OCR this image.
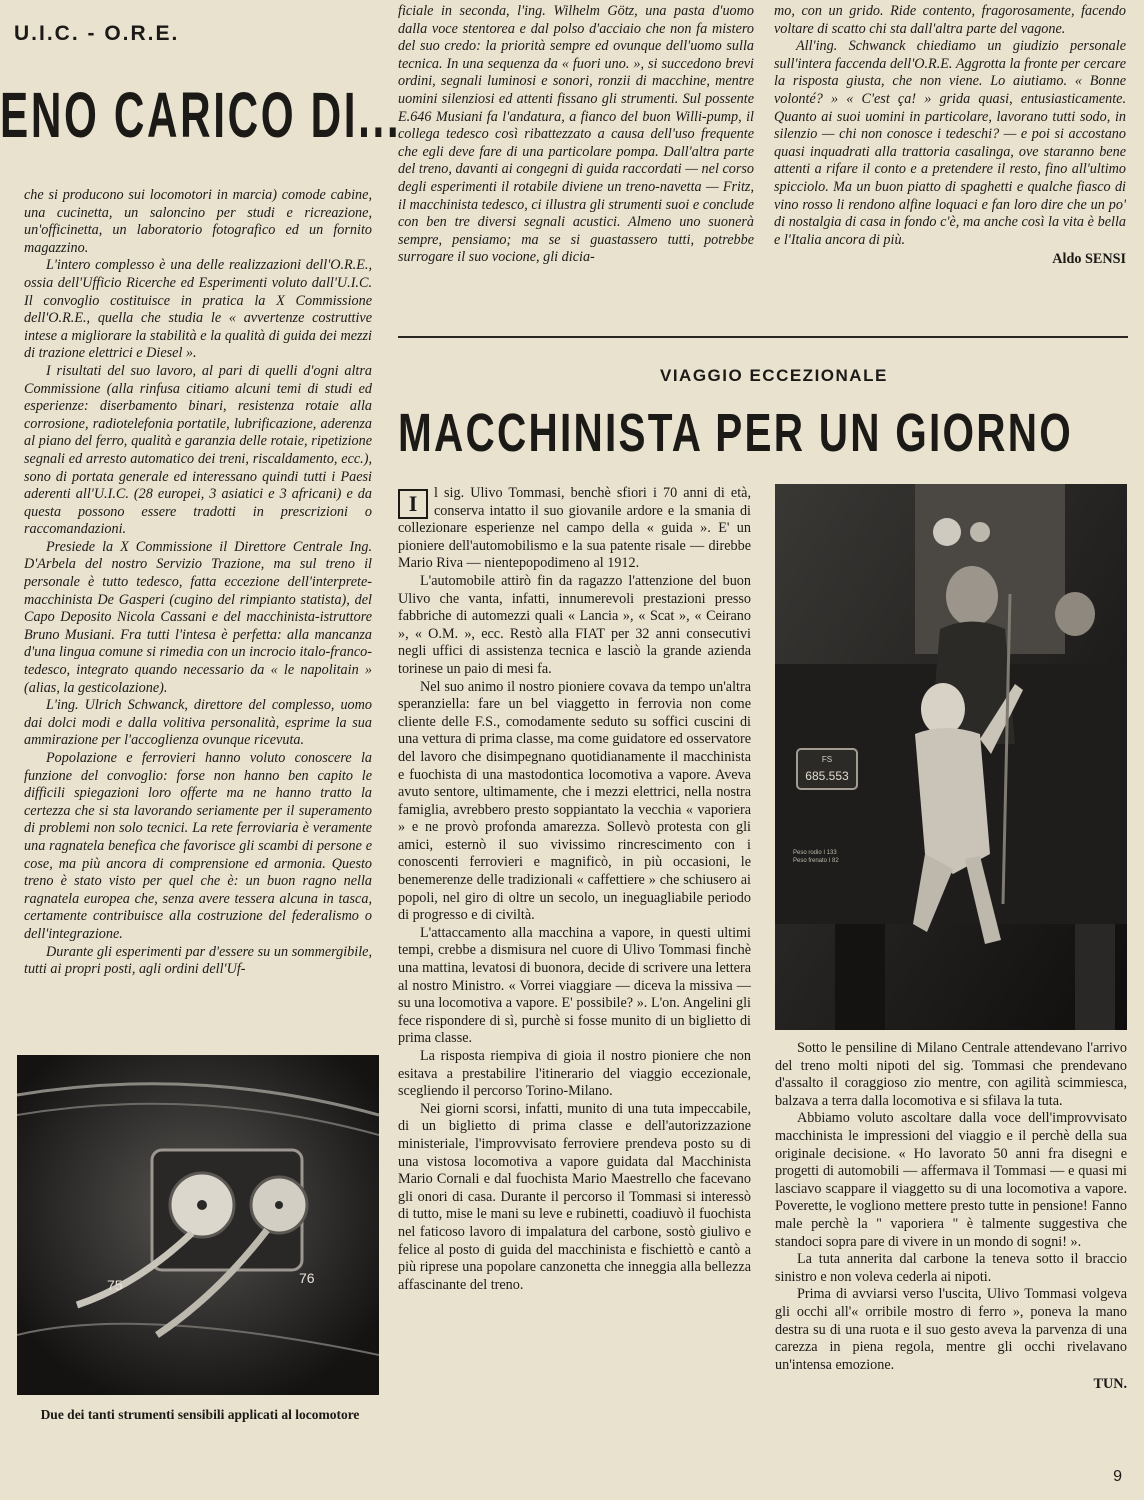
U.I.C. - O.R.E.
ENO CARICO DI...

che si producono sui locomotori in marcia) comode cabine, una cucinetta, un saloncino per studi e ricreazione, un'officinetta, un laboratorio fotografico ed un fornito magazzino.

L'intero complesso è una delle realizzazioni dell'O.R.E., ossia dell'Ufficio Ricerche ed Esperimenti voluto dall'U.I.C. Il convoglio costituisce in pratica la X Commissione dell'O.R.E., quella che studia le « avvertenze costruttive intese a migliorare la stabilità e la qualità di guida dei mezzi di trazione elettrici e Diesel ».

I risultati del suo lavoro, al pari di quelli d'ogni altra Commissione (alla rinfusa citiamo alcuni temi di studi ed esperienze: diserbamento binari, resistenza rotaie alla corrosione, radiotelefonia portatile, lubrificazione, aderenza al piano del ferro, qualità e garanzia delle rotaie, ripetizione segnali ed arresto automatico dei treni, riscaldamento, ecc.), sono di portata generale ed interessano quindi tutti i Paesi aderenti all'U.I.C. (28 europei, 3 asiatici e 3 africani) e da questa possono essere tradotti in prescrizioni o raccomandazioni.

Presiede la X Commissione il Direttore Centrale Ing. D'Arbela del nostro Servizio Trazione, ma sul treno il personale è tutto tedesco, fatta eccezione dell'interprete-macchinista De Gasperi (cugino del rimpianto statista), del Capo Deposito Nicola Cassani e del macchinista-istruttore Bruno Musiani. Fra tutti l'intesa è perfetta: alla mancanza d'una lingua comune si rimedia con un incrocio italo-franco-tedesco, integrato quando necessario da « le napolitain » (alias, la gesticolazione).

L'ing. Ulrich Schwanck, direttore del complesso, uomo dai dolci modi e dalla volitiva personalità, esprime la sua ammirazione per l'accoglienza ovunque ricevuta.

Popolazione e ferrovieri hanno voluto conoscere la funzione del convoglio: forse non hanno ben capito le difficili spiegazioni loro offerte ma ne hanno tratto la certezza che si sta lavorando seriamente per il superamento di problemi non solo tecnici. La rete ferroviaria è veramente una ragnatela benefica che favorisce gli scambi di persone e cose, ma più ancora di comprensione ed armonia. Questo treno è stato visto per quel che è: un buon ragno nella ragnatela europea che, senza avere tessera alcuna in tasca, certamente contribuisce alla costruzione del federalismo o dell'integrazione.

Durante gli esperimenti par d'essere su un sommergibile, tutti ai propri posti, agli ordini dell'Uf-

75	76
Due dei tanti strumenti sensibili applicati al locomotore

ficiale in seconda, l'ing. Wilhelm Götz, una pasta d'uomo dalla voce stentorea e dal polso d'acciaio che non fa mistero del suo credo: la priorità sempre ed ovunque dell'uomo sulla tecnica. In una sequenza da « fuori uno. », si succedono brevi ordini, segnali luminosi e sonori, ronzii di macchine, mentre uomini silenziosi ed attenti fissano gli strumenti. Sul possente E.646 Musiani fa l'andatura, a fianco del buon Willi-pump, il collega tedesco così ribattezzato a causa dell'uso frequente che egli deve fare di una particolare pompa. Dall'altra parte del treno, davanti ai congegni di guida raccordati — nel corso degli esperimenti il rotabile diviene un treno-navetta — Fritz, il macchinista tedesco, ci illustra gli strumenti suoi e conclude con ben tre diversi segnali acustici. Almeno uno suonerà sempre, pensiamo; ma se si guastassero tutti, potrebbe surrogare il suo vocione, gli dicia-

mo, con un grido. Ride contento, fragorosamente, facendo voltare di scatto chi sta dall'altra parte del vagone.

All'ing. Schwanck chiediamo un giudizio personale sull'intera faccenda dell'O.R.E. Aggrotta la fronte per cercare la risposta giusta, che non viene. Lo aiutiamo. « Bonne volonté? » « C'est ça! » grida quasi, entusiasticamente. Quanto ai suoi uomini in particolare, lavorano tutti sodo, in silenzio — chi non conosce i tedeschi? — e poi si accostano quasi inquadrati alla trattoria casalinga, ove staranno bene attenti a rifare il conto e a pretendere il resto, fino all'ultimo spicciolo. Ma un buon piatto di spaghetti e qualche fiasco di vino rosso li rendono alfine loquaci e fan loro dire che un po' di nostalgia di casa in fondo c'è, ma anche così la vita è bella e l'Italia ancora di più.

Aldo SENSI
VIAGGIO ECCEZIONALE
MACCHINISTA PER UN GIORNO

I	l sig. Ulivo Tommasi, benchè sfiori i 70 anni di età, conserva intatto il suo giovanile ardore e la smania di collezionare esperienze nel campo della « guida ». E' un pioniere dell'automobilismo e la sua patente risale — direbbe Mario Riva — nientepopodimeno al 1912.

L'automobile attirò fin da ragazzo l'attenzione del buon Ulivo che vanta, infatti, innumerevoli prestazioni presso fabbriche di automezzi quali « Lancia », « Scat », « Ceirano », « O.M. », ecc. Restò alla FIAT per 32 anni consecutivi negli uffici di assistenza tecnica e lasciò la grande azienda torinese un paio di mesi fa.

Nel suo animo il nostro pioniere covava da tempo un'altra speranziella: fare un bel viaggetto in ferrovia non come cliente delle F.S., comodamente seduto su soffici cuscini di una vettura di prima classe, ma come guidatore ed osservatore del lavoro che disimpegnano quotidianamente il macchinista e fuochista di una mastodontica locomotiva a vapore. Aveva avuto sentore, ultimamente, che i mezzi elettrici, nella nostra famiglia, avrebbero presto soppiantato la vecchia « vaporiera » e ne provò profonda amarezza. Sollevò protesta con gli amici, esternò il suo vivissimo rincrescimento con i conoscenti ferrovieri e magnificò, in più occasioni, le benemerenze delle tradizionali « caffettiere » che schiusero ai popoli, nel giro di oltre un secolo, un ineguagliabile periodo di progresso e di civiltà.

L'attaccamento alla macchina a vapore, in questi ultimi tempi, crebbe a dismisura nel cuore di Ulivo Tommasi finchè una mattina, levatosi di buonora, decide di scrivere una lettera al nostro Ministro. « Vorrei viaggiare — diceva la missiva — su una locomotiva a vapore. E' possibile? ». L'on. Angelini gli fece rispondere di sì, purchè si fosse munito di un biglietto di prima classe.

La risposta riempiva di gioia il nostro pioniere che non esitava a prestabilire l'itinerario del viaggio eccezionale, scegliendo il percorso Torino-Milano.

Nei giorni scorsi, infatti, munito di una tuta impeccabile, di un biglietto di prima classe e dell'autorizzazione ministeriale, l'improvvisato ferroviere prendeva posto su di una vistosa locomotiva a vapore guidata dal Macchinista Mario Cornali e dal fuochista Mario Maestrello che facevano gli onori di casa. Durante il percorso il Tommasi si interessò di tutto, mise le mani su leve e rubinetti, coadiuvò il fuochista nel faticoso lavoro di impalatura del carbone, sostò giulivo e felice al posto di guida del macchinista e fischiettò e cantò a più riprese una popolare canzonetta che inneggia alla bellezza affascinante del treno.

FS
685.553
Peso rodio I 133
Peso frenato I 82

Sotto le pensiline di Milano Centrale attendevano l'arrivo del treno molti nipoti del sig. Tommasi che prendevano d'assalto il coraggioso zio mentre, con agilità scimmiesca, balzava a terra dalla locomotiva e si sfilava la tuta.

Abbiamo voluto ascoltare dalla voce dell'improvvisato macchinista le impressioni del viaggio e il perchè della sua originale decisione. « Ho lavorato 50 anni fra disegni e progetti di automobili — affermava il Tommasi — e quasi mi lasciavo scappare il viaggetto su di una locomotiva a vapore. Poverette, le vogliono mettere presto tutte in pensione! Fanno male perchè la " vaporiera " è talmente suggestiva che standoci sopra pare di vivere in un mondo di sogni! ».

La tuta annerita dal carbone la teneva sotto il braccio sinistro e non voleva cederla ai nipoti.

Prima di avviarsi verso l'uscita, Ulivo Tommasi volgeva gli occhi all'« orribile mostro di ferro », poneva la mano destra su di una ruota e il suo gesto aveva la parvenza di una carezza in piena regola, mentre gli occhi rivelavano un'intensa emozione.

TUN.
9
